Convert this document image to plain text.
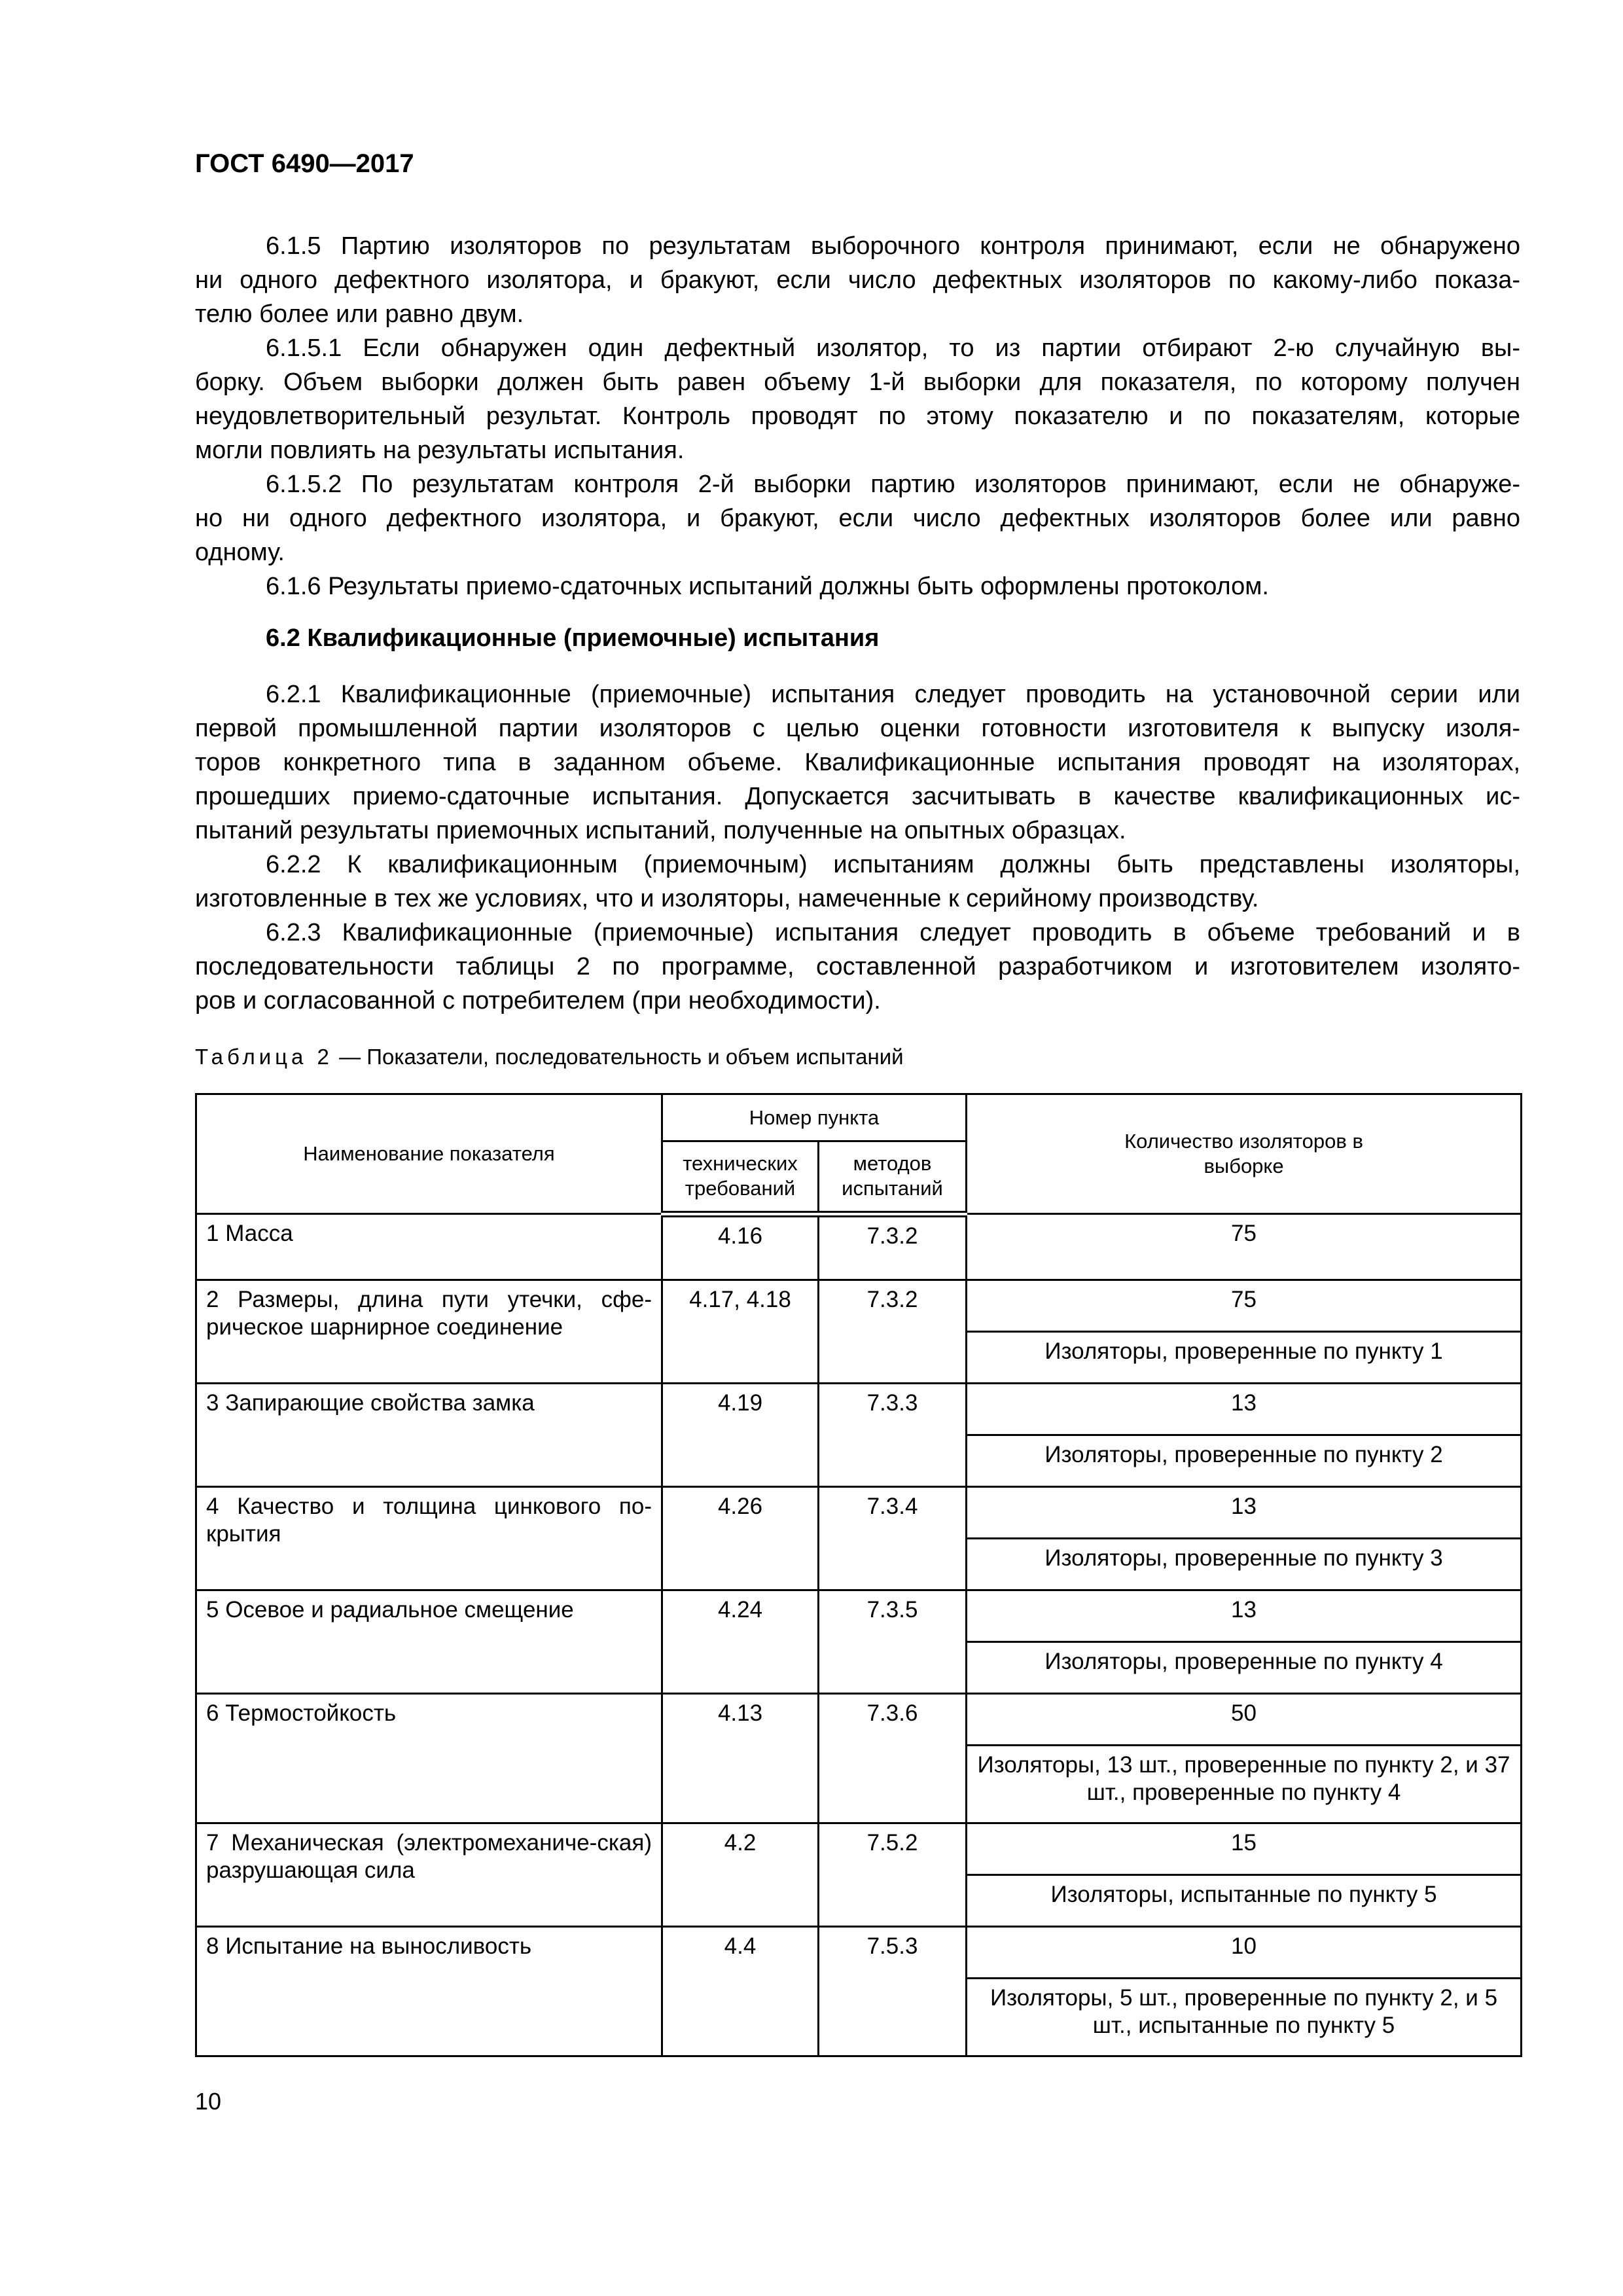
ГОСТ 6490—2017
6.1.5 Партию изоляторов по результатам выборочного контроля принимают, если не обнаружено
ни одного дефектного изолятора, и бракуют, если число дефектных изоляторов по какому-либо показа-
телю более или равно двум.
6.1.5.1 Если обнаружен один дефектный изолятор, то из партии отбирают 2-ю случайную вы-
борку. Объем выборки должен быть равен объему 1-й выборки для показателя, по которому получен
неудовлетворительный результат. Контроль проводят по этому показателю и по показателям, которые
могли повлиять на результаты испытания.
6.1.5.2 По результатам контроля 2-й выборки партию изоляторов принимают, если не обнаруже-
но ни одного дефектного изолятора, и бракуют, если число дефектных изоляторов более или равно
одному.
6.1.6 Результаты приемо-сдаточных испытаний должны быть оформлены протоколом.
6.2 Квалификационные (приемочные) испытания
6.2.1 Квалификационные (приемочные) испытания следует проводить на установочной серии или
первой промышленной партии изоляторов с целью оценки готовности изготовителя к выпуску изоля-
торов конкретного типа в заданном объеме. Квалификационные испытания проводят на изоляторах,
прошедших приемо-сдаточные испытания. Допускается засчитывать в качестве квалификационных ис-
пытаний результаты приемочных испытаний, полученные на опытных образцах.
6.2.2 К квалификационным (приемочным) испытаниям должны быть представлены изоляторы,
изготовленные в тех же условиях, что и изоляторы, намеченные к серийному производству.
6.2.3 Квалификационные (приемочные) испытания следует проводить в объеме требований и в
последовательности таблицы 2 по программе, составленной разработчиком и изготовителем изолято-
ров и согласованной с потребителем (при необходимости).
Таблица 2 — Показатели, последовательность и объем испытаний
Наименование показателя	Номер пункта		Количество изоляторов в выборке
	технических требований	методов испытаний	
1 Масса	4.16	7.3.2	75
2 Размеры, длина пути утечки, сфе-рическое шарнирное соединение	4.17, 4.18	7.3.2	75
			Изоляторы, проверенные по пункту 1
3 Запирающие свойства замка	4.19	7.3.3	13
			Изоляторы, проверенные по пункту 2
4 Качество и толщина цинкового по-крытия	4.26	7.3.4	13
			Изоляторы, проверенные по пункту 3
5 Осевое и радиальное смещение	4.24	7.3.5	13
			Изоляторы, проверенные по пункту 4
6 Термостойкость	4.13	7.3.6	50
			Изоляторы, 13 шт., проверенные по пункту 2, и 37 шт., проверенные по пункту 4
7 Механическая (электромеханиче-ская) разрушающая сила	4.2	7.5.2	15
			Изоляторы, испытанные по пункту 5
8 Испытание на выносливость	4.4	7.5.3	10
			Изоляторы, 5 шт., проверенные по пункту 2, и 5 шт., испытанные по пункту 5
10
